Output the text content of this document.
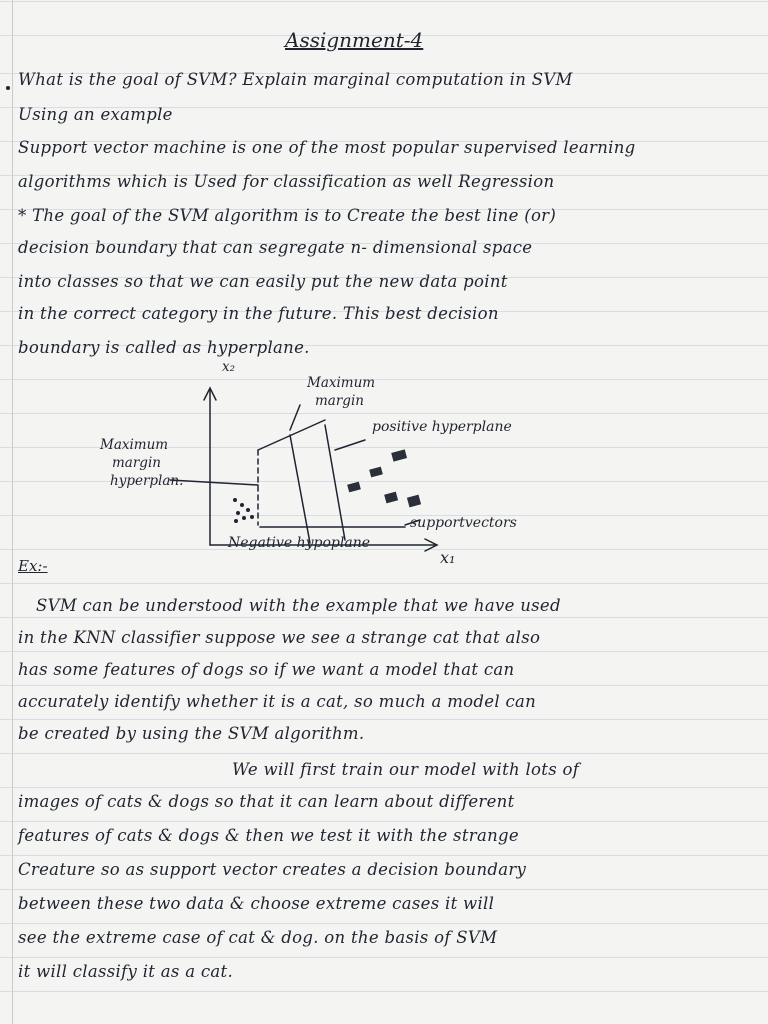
Assignment-4
What is the goal of SVM? Explain marginal computation in SVM
Using an example
Support vector machine is one of the most popular supervised learning
algorithms which is Used for classification as well Regression
* The goal of the SVM algorithm is to Create the best line (or)
decision boundary that can segregate n- dimensional space
into classes so that we can easily put the new data point
in the correct category in the future. This best decision
boundary is called as hyperplane.
x₂
x₁
Maximum
margin
Maximum
margin
hyperplan.
positive hyperplane
supportvectors
Negative hypoplane
Ex:-
SVM can be understood with the example that we have used
in the KNN classifier suppose we see a strange cat that also
has some features of dogs so if we want a model that can
accurately identify whether it is a cat, so much a model can
be created by using the SVM algorithm.
We will first train our model with lots of
images of cats & dogs so that it can learn about different
features of cats & dogs & then we test it with the strange
Creature so as support vector creates a decision boundary
between these two data & choose extreme cases it will
see the extreme case of cat & dog. on the basis of SVM
it will classify it as a cat.
